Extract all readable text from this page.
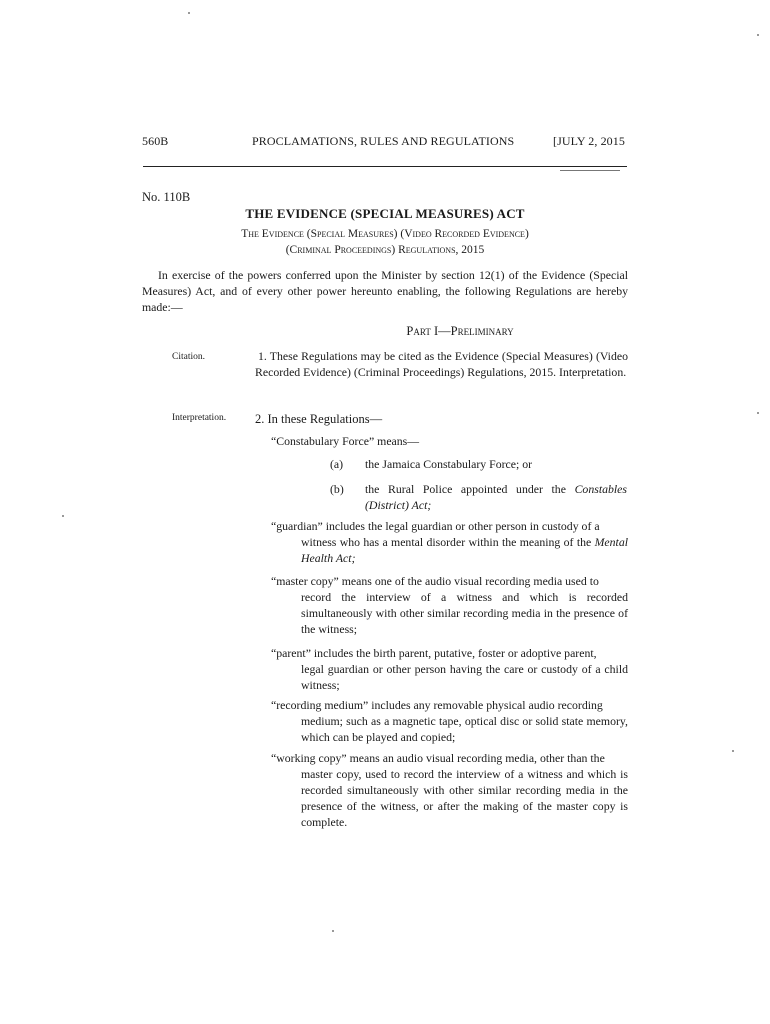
560B	PROCLAMATIONS, RULES AND REGULATIONS	[JULY 2, 2015
No. 110B
THE EVIDENCE (SPECIAL MEASURES) ACT
The Evidence (Special Measures) (Video Recorded Evidence)
(Criminal Proceedings) Regulations, 2015
In exercise of the powers conferred upon the Minister by section 12(1) of the Evidence (Special Measures) Act, and of every other power hereunto enabling, the following Regulations are hereby made:—
Part I—Preliminary
Citation.	1. These Regulations may be cited as the Evidence (Special Measures) (Video Recorded Evidence) (Criminal Proceedings) Regulations, 2015. Interpretation.
Interpretation. 2. In these Regulations—
“Constabulary Force” means—
(a) the Jamaica Constabulary Force; or
(b) the Rural Police appointed under the Constables (District) Act;
“guardian” includes the legal guardian or other person in custody of a
witness who has a mental disorder within the meaning of the Mental Health Act;
“master copy” means one of the audio visual recording media used to
record the interview of a witness and which is recorded simultaneously with other similar recording media in the presence of the witness;
“parent” includes the birth parent, putative, foster or adoptive parent,
legal guardian or other person having the care or custody of a child witness;
“recording medium” includes any removable physical audio recording
medium; such as a magnetic tape, optical disc or solid state memory, which can be played and copied;
“working copy” means an audio visual recording media, other than the
master copy, used to record the interview of a witness and which is recorded simultaneously with other similar recording media in the presence of the witness, or after the making of the master copy is complete.
